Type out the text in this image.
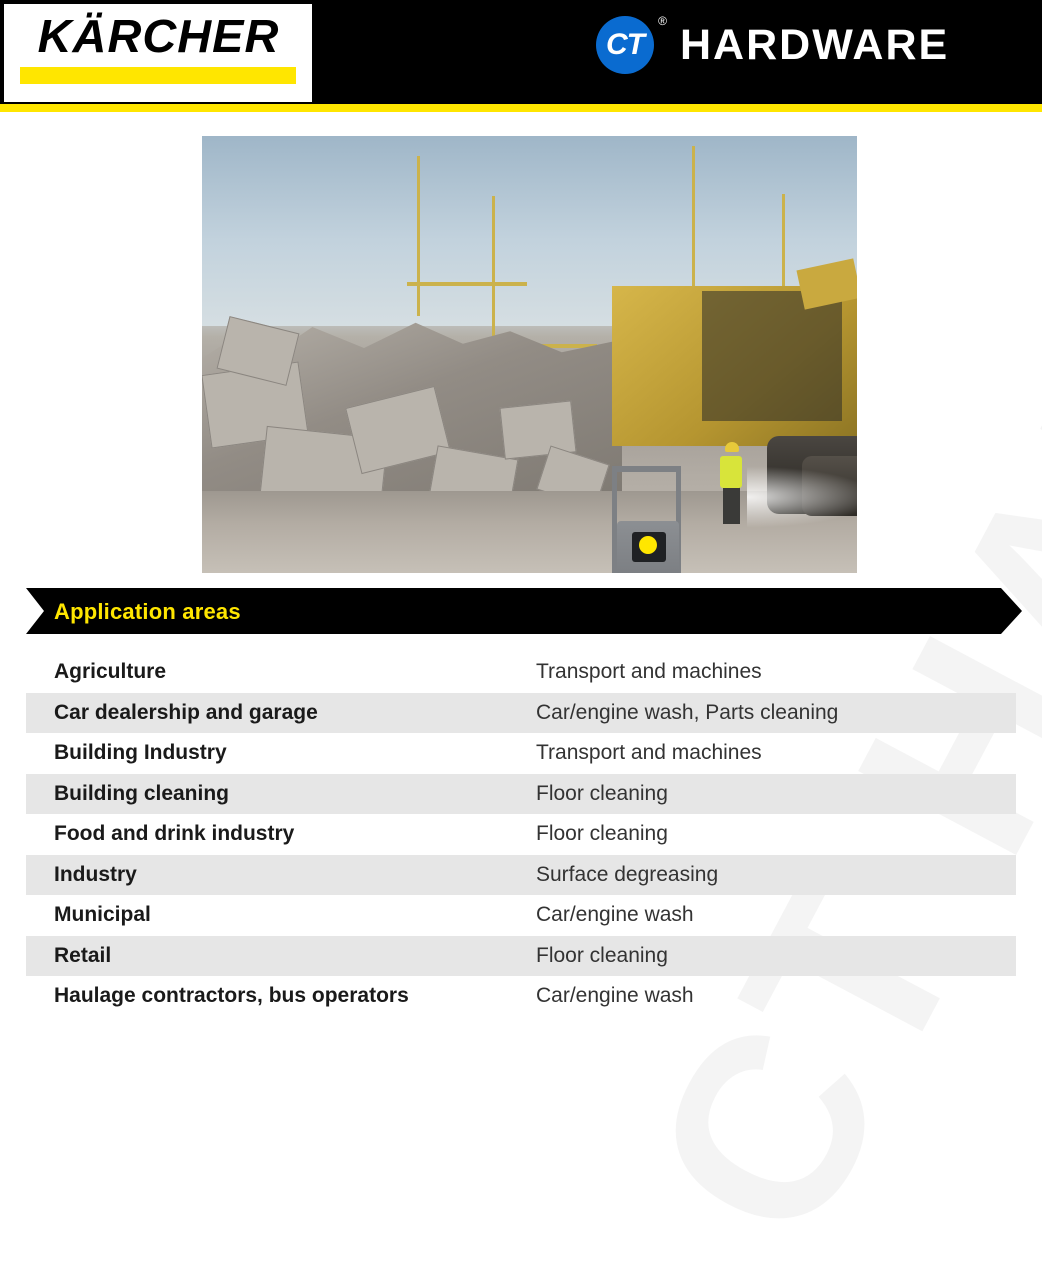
KÄRCHER	CT
® HARDWARE
Application areas
Agriculture	Transport and machines
Car dealership and garage	Car/engine wash, Parts cleaning
Building Industry	Transport and machines
Building cleaning	Floor cleaning
Food and drink industry	Floor cleaning
Industry	Surface degreasing
Municipal	Car/engine wash
Retail	Floor cleaning
Haulage contractors, bus operators	Car/engine wash
